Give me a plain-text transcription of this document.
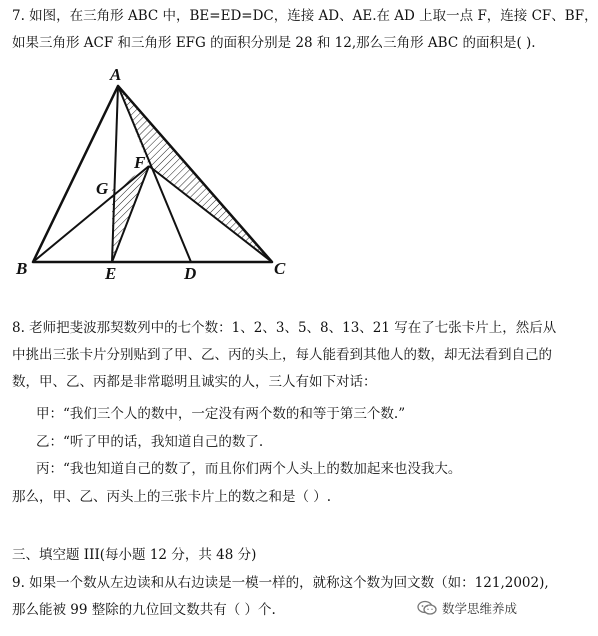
7. 如图，在三角形 ABC 中，BE=ED=DC，连接 AD、AE.在 AD 上取一点 F，连接 CF、BF，
如果三角形 ACF 和三角形 EFG 的面积分别是 28 和 12,那么三角形 ABC 的面积是( ).
A
B	C
D
E
F
G
8. 老师把斐波那契数列中的七个数：1、2、3、5、8、13、21 写在了七张卡片上，然后从
中挑出三张卡片分别贴到了甲、乙、丙的头上，每人能看到其他人的数，却无法看到自己的
数，甲、乙、丙都是非常聪明且诚实的人，三人有如下对话：
甲：“我们三个人的数中，一定没有两个数的和等于第三个数.”
乙：“听了甲的话，我知道自己的数了.
丙：“我也知道自己的数了，而且你们两个人头上的数加起来也没我大。
那么，甲、乙、丙头上的三张卡片上的数之和是（ ）.
三、填空题 III(每小题 12 分，共 48 分)
9. 如果一个数从左边读和从右边读是一模一样的，就称这个数为回文数（如：121,2002),
那么能被 99 整除的九位回文数共有（ ）个.	数学思维养成
